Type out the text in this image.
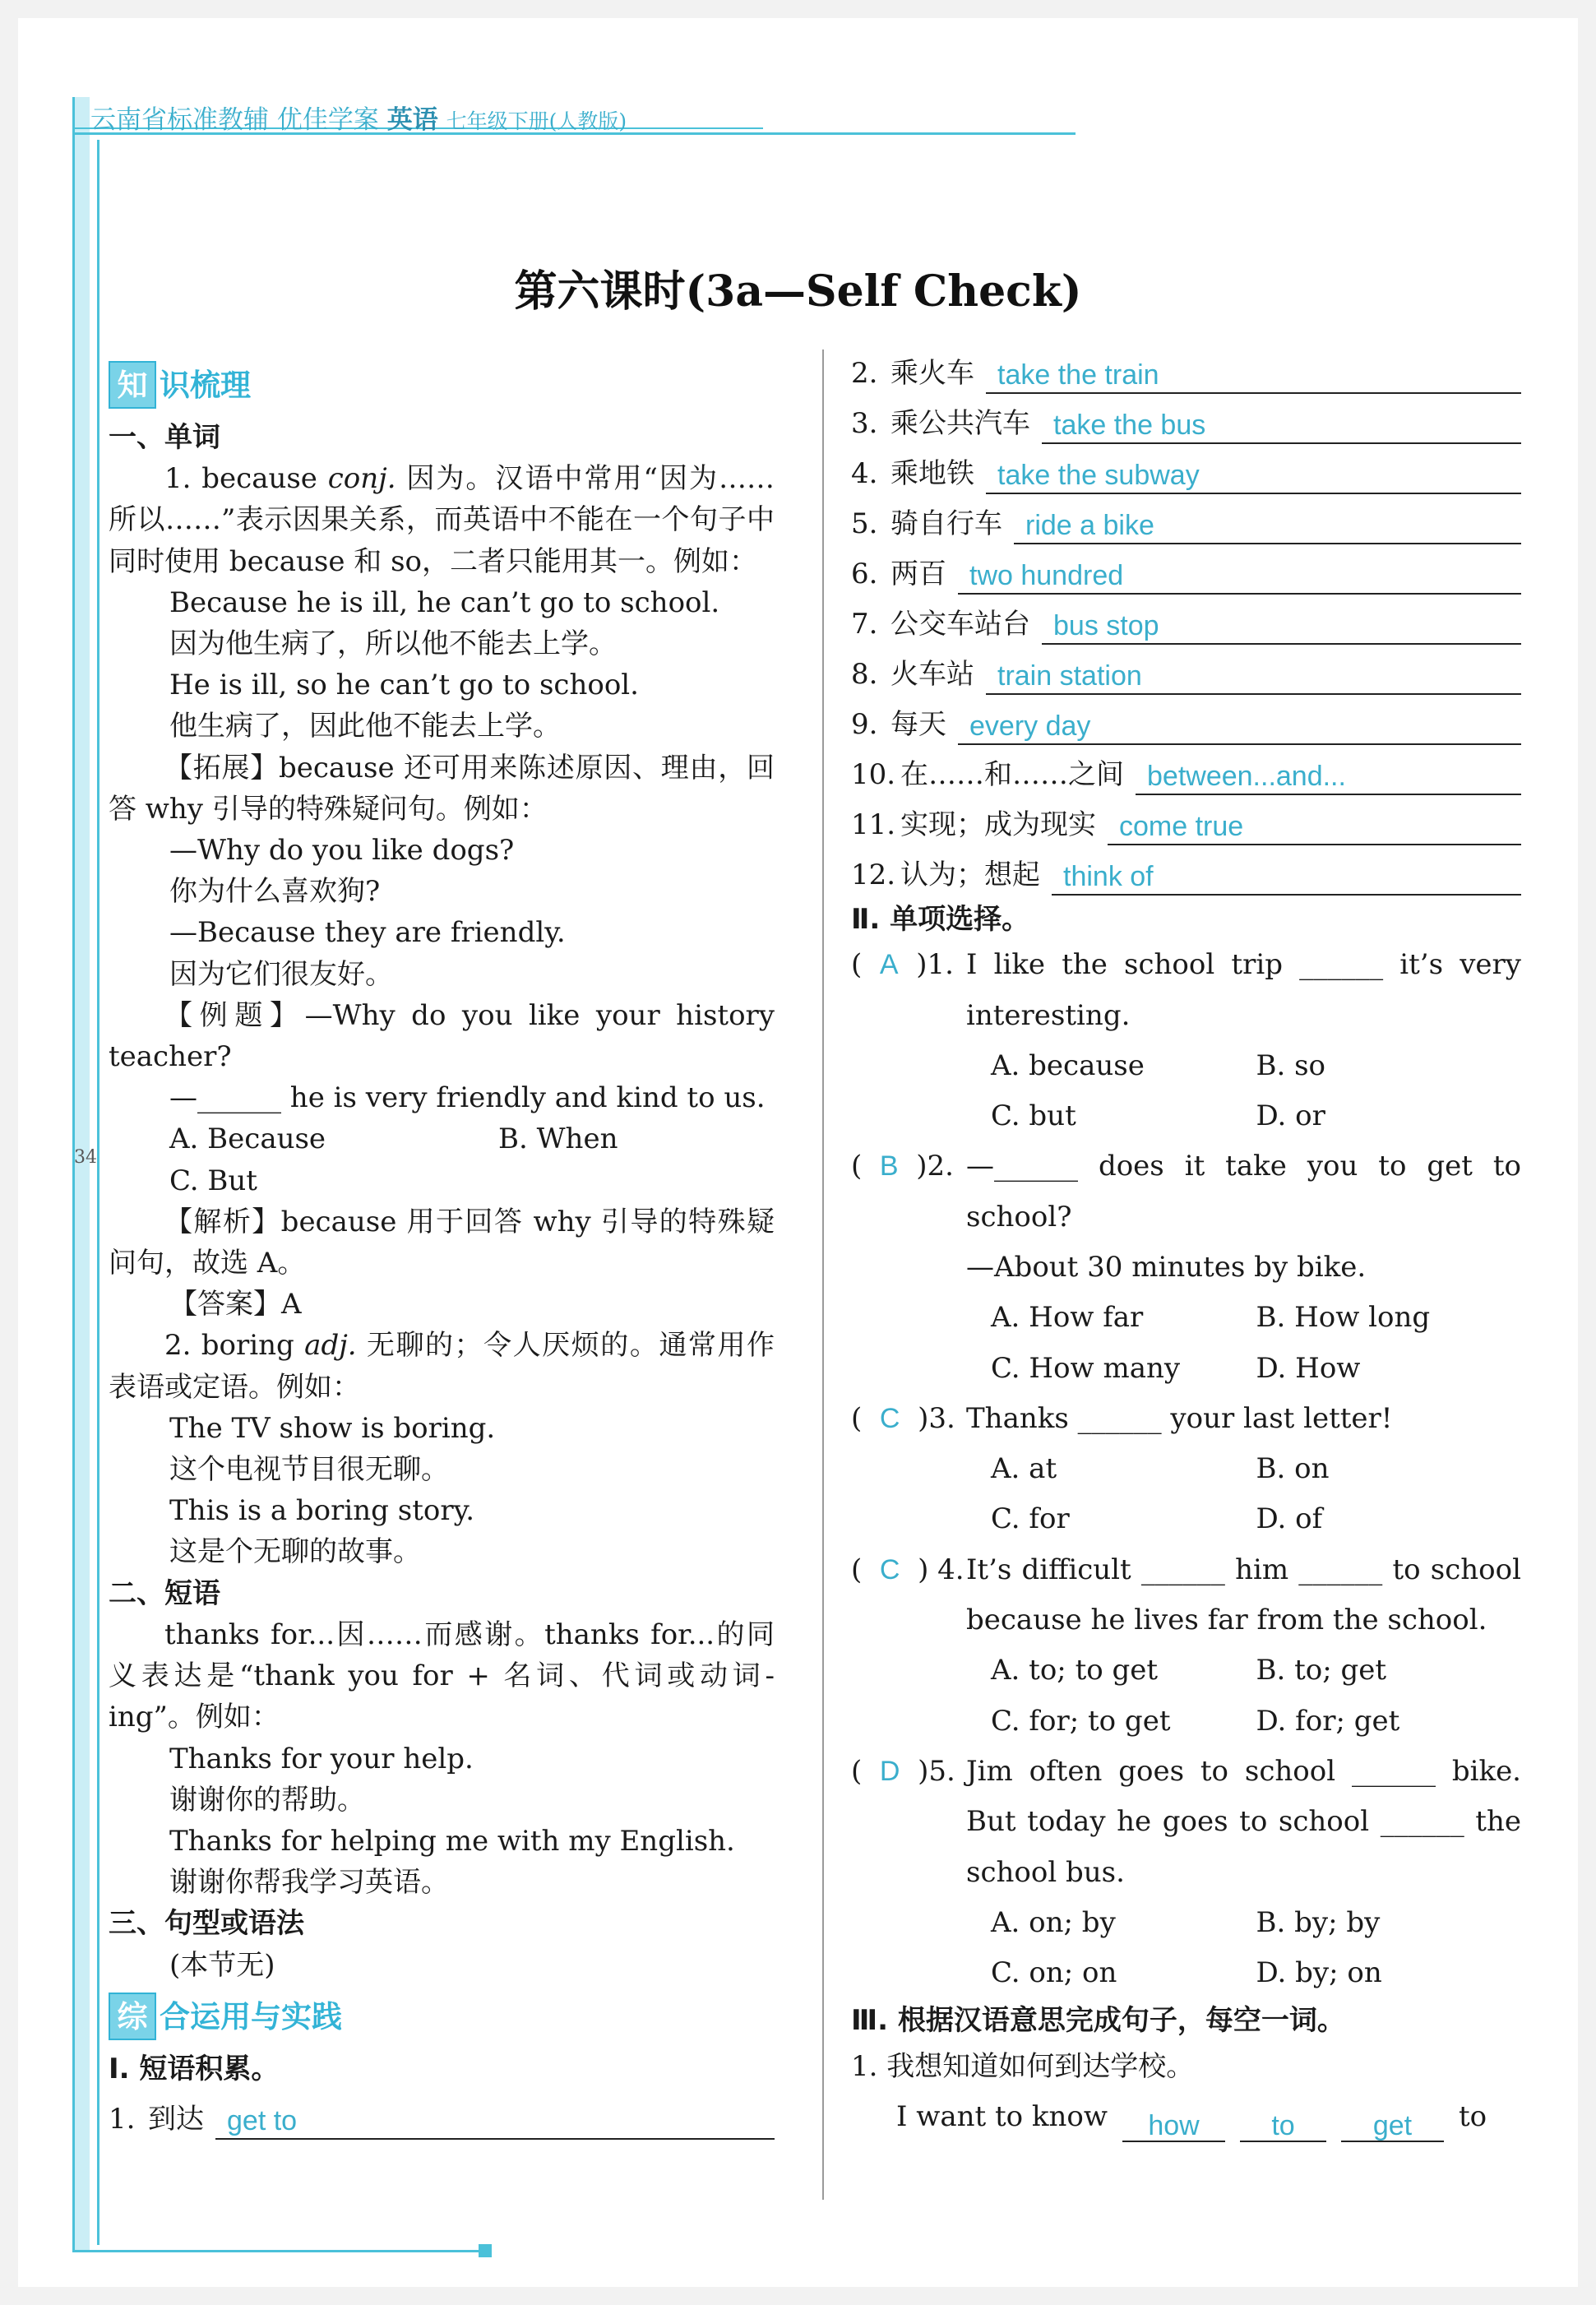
云南省标准教辅 优佳学案 英语 七年级下册(人教版)
34
第六课时(3a—Self Check)
知 识梳理
一、单词
1. because conj. 因为。汉语中常用“因为……所以……”表示因果关系，而英语中不能在一个句子中同时使用 because 和 so，二者只能用其一。例如：
Because he is ill, he can’t go to school.
因为他生病了，所以他不能去上学。
He is ill, so he can’t go to school.
他生病了，因此他不能去上学。
【拓展】because 还可用来陈述原因、理由，回答 why 引导的特殊疑问句。例如：
—Why do you like dogs?
你为什么喜欢狗?
—Because they are friendly.
因为它们很友好。
【例题】—Why do you like your history teacher?
—______ he is very friendly and kind to us.
A. Because	B. When
C. But
【解析】because 用于回答 why 引导的特殊疑问句，故选 A。
【答案】A
2. boring adj. 无聊的；令人厌烦的。通常用作表语或定语。例如：
The TV show is boring.
这个电视节目很无聊。
This is a boring story.
这是个无聊的故事。
二、短语
thanks for...因……而感谢。thanks for...的同义表达是“thank you for + 名词、代词或动词-ing”。例如：
Thanks for your help.
谢谢你的帮助。
Thanks for helping me with my English.
谢谢你帮我学习英语。
三、句型或语法
(本节无)
综 合运用与实践
Ⅰ. 短语积累。
1. 到达 get to
2. 乘火车 take the train
3. 乘公共汽车 take the bus
4. 乘地铁 take the subway
5. 骑自行车 ride a bike
6. 两百 two hundred
7. 公交车站台 bus stop
8. 火车站 train station
9. 每天 every day
10. 在……和……之间 between...and...
11. 实现；成为现实 come true
12. 认为；想起 think of
Ⅱ. 单项选择。
(  A )1. I like the school trip ______ it’s very interesting.
A. because	B. so
C. but	D. or
(  B )2. —______ does it take you to get to school?
—About 30 minutes by bike.
A. How far	B. How long
C. How many	D. How
(  C )3. Thanks ______ your last letter!
A. at	B. on
C. for	D. of
(  C ) 4. It’s difficult ______ him ______ to school because he lives far from the school.
A. to; to get	B. to; get
C. for; to get	D. for; get
(  D )5. Jim often goes to school ______ bike. But today he goes to school ______ the school bus.
A. on; by	B. by; by
C. on; on	D. by; on
Ⅲ. 根据汉语意思完成句子，每空一词。
1. 我想知道如何到达学校。
I want to know	how	to	get	to
